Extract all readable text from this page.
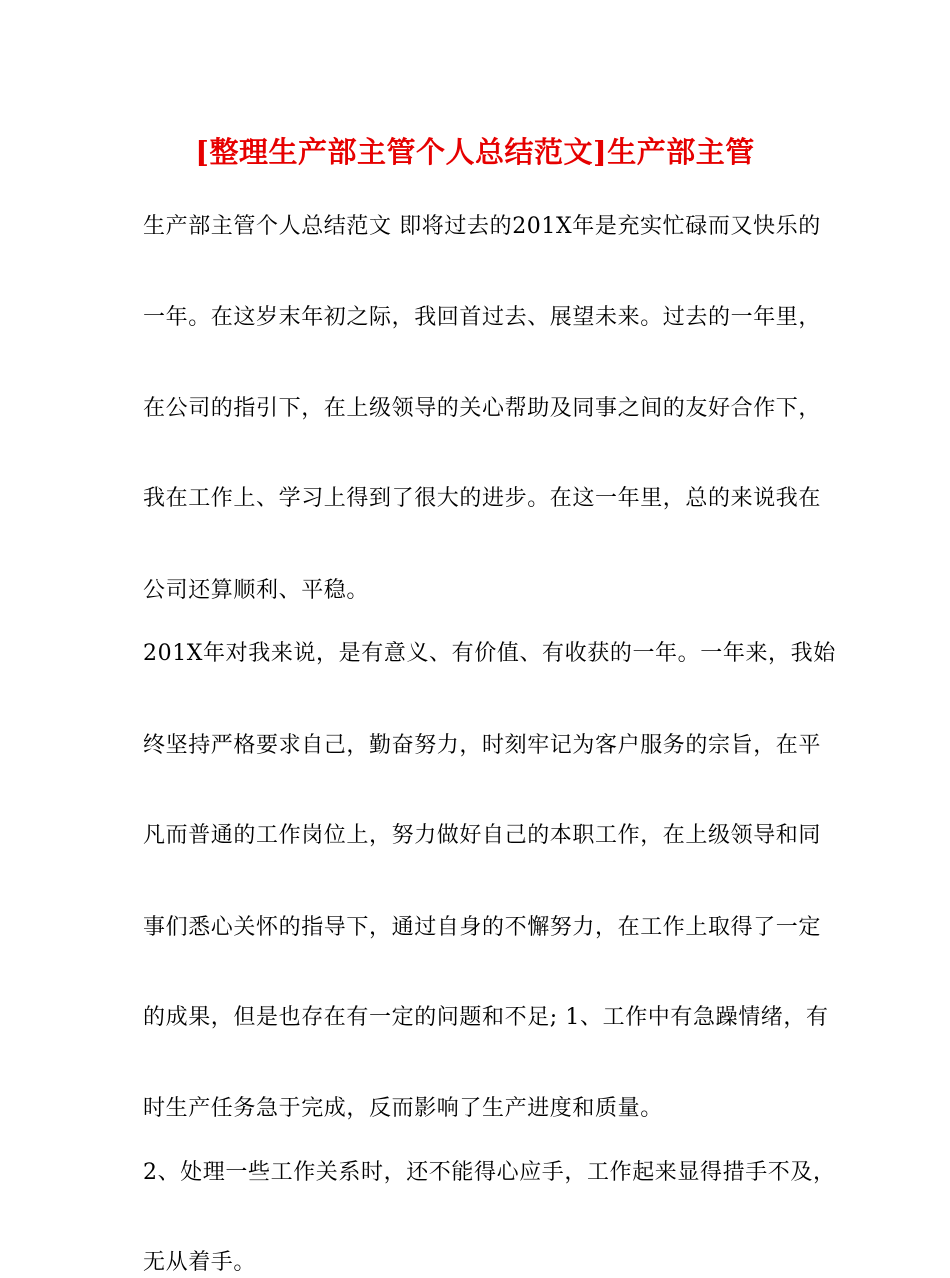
[整理生产部主管个人总结范文]生产部主管
生产部主管个人总结范文 即将过去的201X年是充实忙碌而又快乐的
一年。在这岁末年初之际，我回首过去、展望未来。过去的一年里，
在公司的指引下，在上级领导的关心帮助及同事之间的友好合作下，
我在工作上、学习上得到了很大的进步。在这一年里，总的来说我在
公司还算顺利、平稳。
201X年对我来说，是有意义、有价值、有收获的一年。一年来，我始
终坚持严格要求自己，勤奋努力，时刻牢记为客户服务的宗旨，在平
凡而普通的工作岗位上，努力做好自己的本职工作，在上级领导和同
事们悉心关怀的指导下，通过自身的不懈努力，在工作上取得了一定
的成果，但是也存在有一定的问题和不足; 1、工作中有急躁情绪，有
时生产任务急于完成，反而影响了生产进度和质量。
2、处理一些工作关系时，还不能得心应手，工作起来显得措手不及，
无从着手。
